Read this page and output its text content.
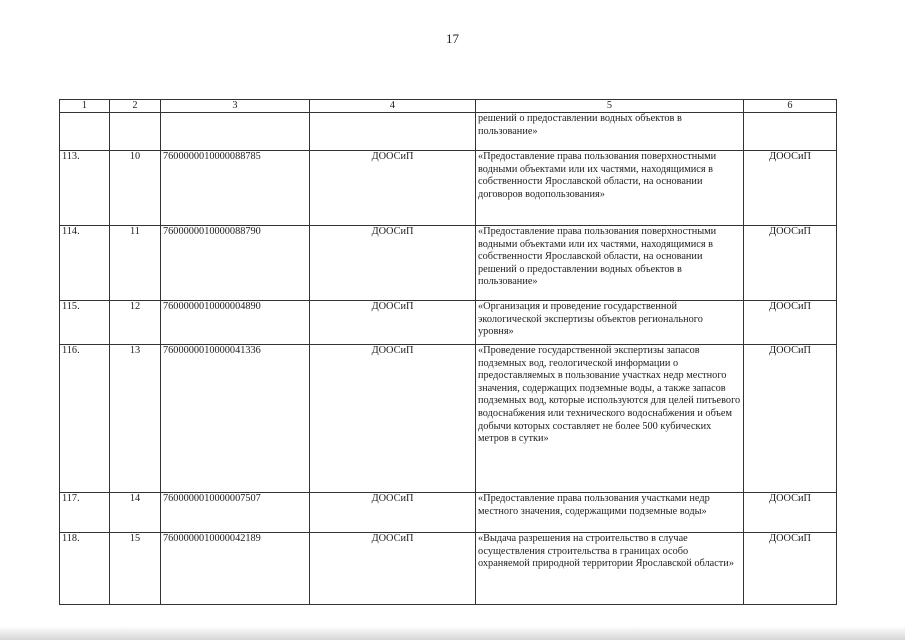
17
1	2	3	4	5	6
				решений о предоставлении водных объектов в пользование»	
113.	10	7600000010000088785	ДООСиП	«Предоставление права пользования поверхностными водными объектами или их частями, находящимися в собственности Ярославской области, на основании договоров водопользования»	ДООСиП
114.	11	7600000010000088790	ДООСиП	«Предоставление права пользования поверхностными водными объектами или их частями, находящимися в собственности Ярославской области, на основании решений о предоставлении водных объектов в пользование»	ДООСиП
115.	12	7600000010000004890	ДООСиП	«Организация и проведение государственной экологической экспертизы объектов регионального уровня»	ДООСиП
116.	13	7600000010000041336	ДООСиП	«Проведение государственной экспертизы запасов подземных вод, геологической информации о предоставляемых в пользование участках недр местного значения, содержащих подземные воды, а также запасов подземных вод, которые используются для целей питьевого водоснабжения или технического водоснабжения и объем добычи которых составляет не более 500 кубических метров в сутки»	ДООСиП
117.	14	7600000010000007507	ДООСиП	«Предоставление права пользования участками недр местного значения, содержащими подземные воды»	ДООСиП
118.	15	7600000010000042189	ДООСиП	«Выдача разрешения на строительство в случае осуществления строительства в границах особо охраняемой природной территории Ярославской области»	ДООСиП
